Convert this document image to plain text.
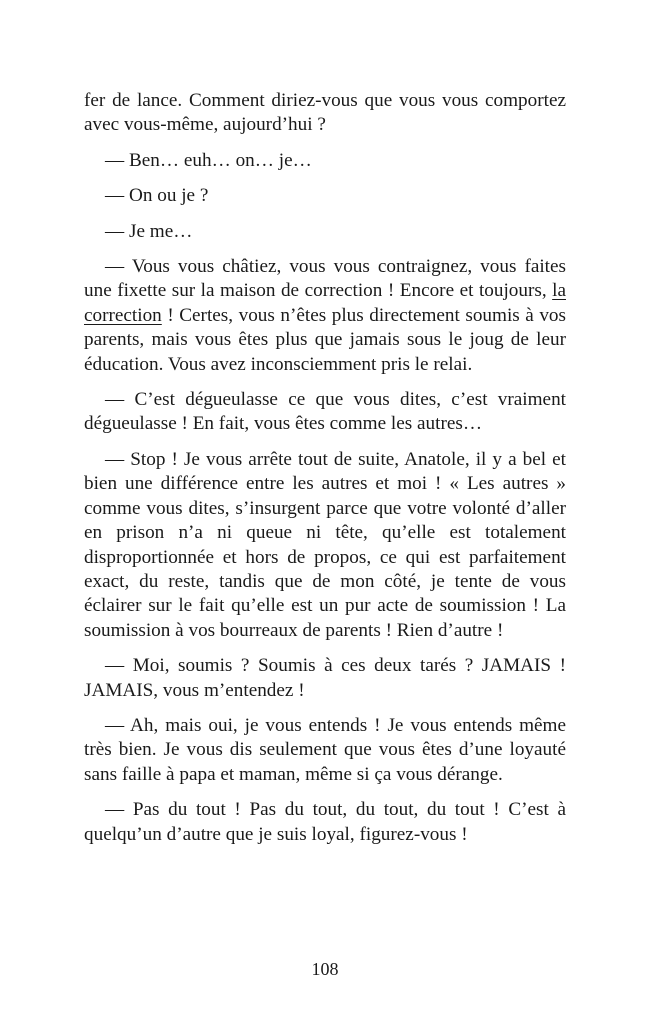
fer de lance. Comment diriez-vous que vous vous comportez avec vous-même, aujourd’hui ?

— Ben… euh… on… je…

— On ou je ?

— Je me…

— Vous vous châtiez, vous vous contraignez, vous faites une fixette sur la maison de correction ! Encore et toujours, la correction ! Certes, vous n’êtes plus directement soumis à vos parents, mais vous êtes plus que jamais sous le joug de leur éducation. Vous avez inconsciemment pris le relai.

— C’est dégueulasse ce que vous dites, c’est vraiment dégueulasse ! En fait, vous êtes comme les autres…

— Stop ! Je vous arrête tout de suite, Anatole, il y a bel et bien une différence entre les autres et moi ! « Les autres » comme vous dites, s’insurgent parce que votre volonté d’aller en prison n’a ni queue ni tête, qu’elle est totalement disproportionnée et hors de propos, ce qui est parfaitement exact, du reste, tandis que de mon côté, je tente de vous éclairer sur le fait qu’elle est un pur acte de soumission ! La soumission à vos bourreaux de parents ! Rien d’autre !

— Moi, soumis ? Soumis à ces deux tarés ? JAMAIS ! JAMAIS, vous m’entendez !

— Ah, mais oui, je vous entends ! Je vous entends même très bien. Je vous dis seulement que vous êtes d’une loyauté sans faille à papa et maman, même si ça vous dérange.

— Pas du tout ! Pas du tout, du tout, du tout ! C’est à quelqu’un d’autre que je suis loyal, figurez-vous !

108
